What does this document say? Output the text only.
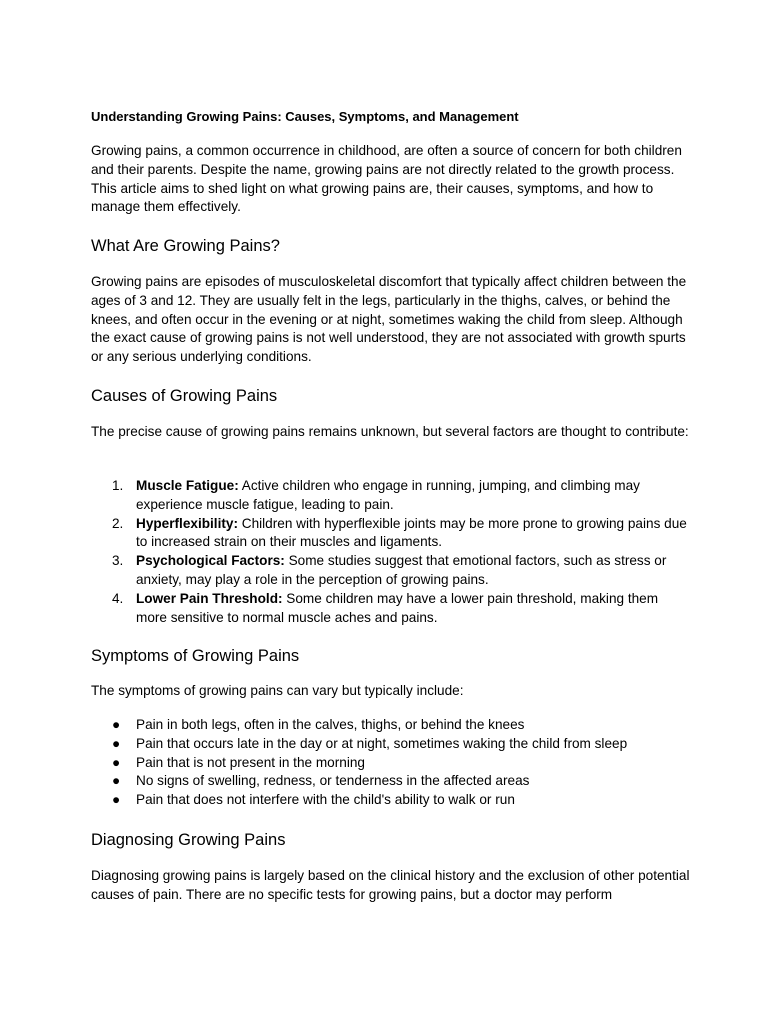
Understanding Growing Pains: Causes, Symptoms, and Management

Growing pains, a common occurrence in childhood, are often a source of concern for both children and their parents. Despite the name, growing pains are not directly related to the growth process. This article aims to shed light on what growing pains are, their causes, symptoms, and how to manage them effectively.

What Are Growing Pains?

Growing pains are episodes of musculoskeletal discomfort that typically affect children between the ages of 3 and 12. They are usually felt in the legs, particularly in the thighs, calves, or behind the knees, and often occur in the evening or at night, sometimes waking the child from sleep. Although the exact cause of growing pains is not well understood, they are not associated with growth spurts or any serious underlying conditions.

Causes of Growing Pains

The precise cause of growing pains remains unknown, but several factors are thought to contribute:

1. Muscle Fatigue: Active children who engage in running, jumping, and climbing may experience muscle fatigue, leading to pain.
2. Hyperflexibility: Children with hyperflexible joints may be more prone to growing pains due to increased strain on their muscles and ligaments.
3. Psychological Factors: Some studies suggest that emotional factors, such as stress or anxiety, may play a role in the perception of growing pains.
4. Lower Pain Threshold: Some children may have a lower pain threshold, making them more sensitive to normal muscle aches and pains.
Symptoms of Growing Pains

The symptoms of growing pains can vary but typically include:

● Pain in both legs, often in the calves, thighs, or behind the knees
● Pain that occurs late in the day or at night, sometimes waking the child from sleep
● Pain that is not present in the morning
● No signs of swelling, redness, or tenderness in the affected areas
● Pain that does not interfere with the child's ability to walk or run
Diagnosing Growing Pains

Diagnosing growing pains is largely based on the clinical history and the exclusion of other potential causes of pain. There are no specific tests for growing pains, but a doctor may perform
